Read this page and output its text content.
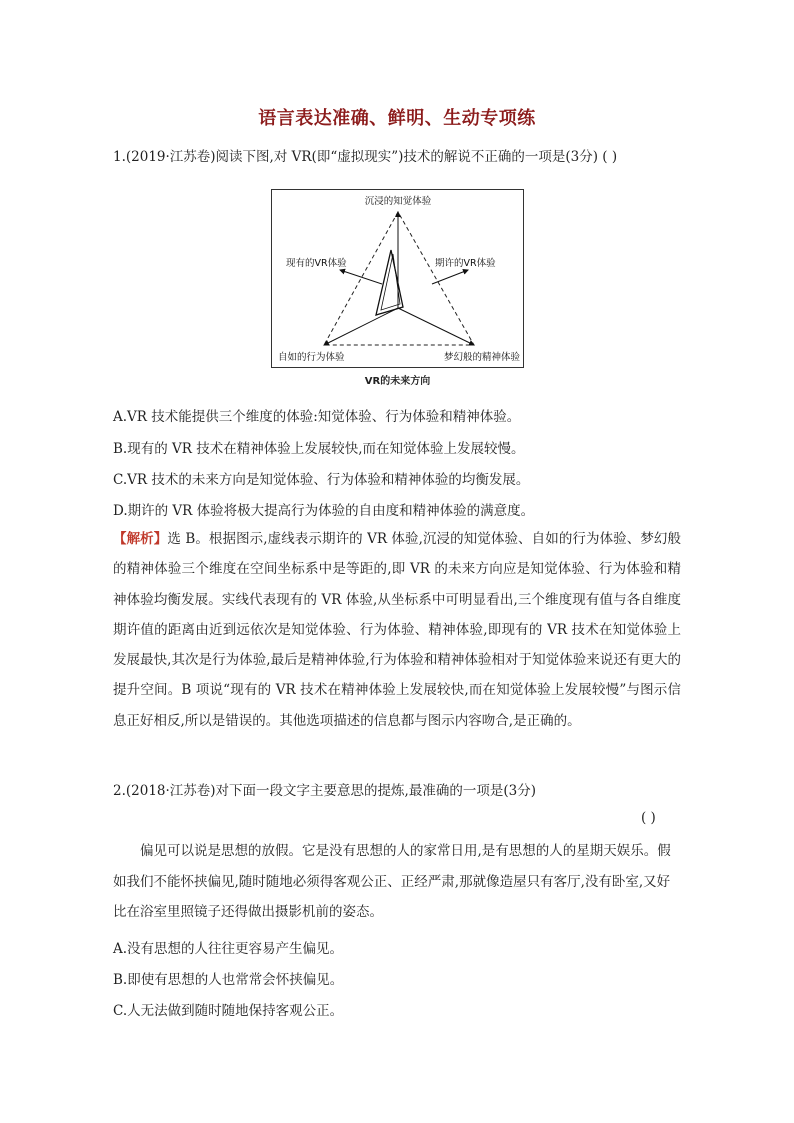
语言表达准确、鲜明、生动专项练
1.(2019·江苏卷)阅读下图,对 VR(即“虚拟现实”)技术的解说不正确的一项是(3分) ( )
沉浸的知觉体验
期许的VR体验
现有的VR体验
自如的行为体验	梦幻般的精神体验
VR的未来方向
A.VR 技术能提供三个维度的体验:知觉体验、行为体验和精神体验。
B.现有的 VR 技术在精神体验上发展较快,而在知觉体验上发展较慢。
C.VR 技术的未来方向是知觉体验、行为体验和精神体验的均衡发展。
D.期许的 VR 体验将极大提高行为体验的自由度和精神体验的满意度。
【解析】选 B。根据图示,虚线表示期许的 VR 体验,沉浸的知觉体验、自如的行为体验、梦幻般的精神体验三个维度在空间坐标系中是等距的,即 VR 的未来方向应是知觉体验、行为体验和精神体验均衡发展。实线代表现有的 VR 体验,从坐标系中可明显看出,三个维度现有值与各自维度期许值的距离由近到远依次是知觉体验、行为体验、精神体验,即现有的 VR 技术在知觉体验上发展最快,其次是行为体验,最后是精神体验,行为体验和精神体验相对于知觉体验来说还有更大的提升空间。B 项说“现有的 VR 技术在精神体验上发展较快,而在知觉体验上发展较慢”与图示信息正好相反,所以是错误的。其他选项描述的信息都与图示内容吻合,是正确的。
2.(2018·江苏卷)对下面一段文字主要意思的提炼,最准确的一项是(3分)
( )
偏见可以说是思想的放假。它是没有思想的人的家常日用,是有思想的人的星期天娱乐。假如我们不能怀挟偏见,随时随地必须得客观公正、正经严肃,那就像造屋只有客厅,没有卧室,又好比在浴室里照镜子还得做出摄影机前的姿态。
A.没有思想的人往往更容易产生偏见。
B.即使有思想的人也常常会怀挟偏见。
C.人无法做到随时随地保持客观公正。
